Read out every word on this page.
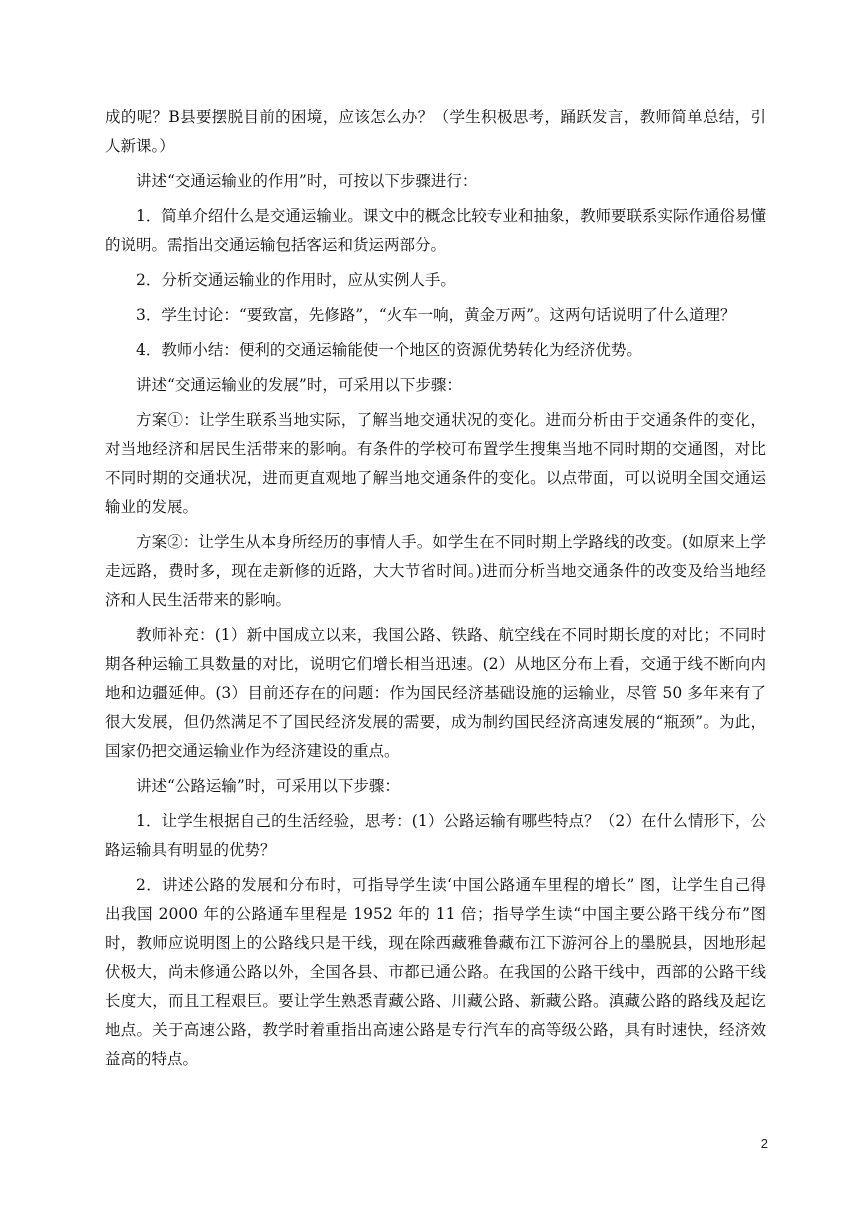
成的呢？B县要摆脱目前的困境，应该怎么办？（学生积极思考，踊跃发言，教师简单总结，引人新课。）

讲述“交通运输业的作用”时，可按以下步骤进行：

1．简单介绍什么是交通运输业。课文中的概念比较专业和抽象，教师要联系实际作通俗易懂的说明。需指出交通运输包括客运和货运两部分。

2．分析交通运输业的作用时，应从实例人手。

3．学生讨论：“要致富，先修路”，“火车一响，黄金万两”。这两句话说明了什么道理？

4．教师小结：便利的交通运输能使一个地区的资源优势转化为经济优势。

讲述“交通运输业的发展”时，可采用以下步骤：

方案①：让学生联系当地实际，了解当地交通状况的变化。进而分析由于交通条件的变化，对当地经济和居民生活带来的影响。有条件的学校可布置学生搜集当地不同时期的交通图，对比不同时期的交通状况，进而更直观地了解当地交通条件的变化。以点带面，可以说明全国交通运输业的发展。

方案②：让学生从本身所经历的事情人手。如学生在不同时期上学路线的改变。(如原来上学走远路，费时多，现在走新修的近路，大大节省时间。)进而分析当地交通条件的改变及给当地经济和人民生活带来的影响。

教师补充：(1）新中国成立以来，我国公路、铁路、航空线在不同时期长度的对比；不同时期各种运输工具数量的对比，说明它们增长相当迅速。(2）从地区分布上看，交通于线不断向内地和边疆延伸。(3）目前还存在的问题：作为国民经济基础设施的运输业，尽管 50 多年来有了很大发展，但仍然满足不了国民经济发展的需要，成为制约国民经济高速发展的“瓶颈”。为此，国家仍把交通运输业作为经济建设的重点。

讲述“公路运输”时，可采用以下步骤：

1．让学生根据自己的生活经验，思考：(1）公路运输有哪些特点？（2）在什么情形下，公路运输具有明显的优势？

2．讲述公路的发展和分布时，可指导学生读‘中国公路通车里程的增长” 图，让学生自己得出我国 2000 年的公路通车里程是 1952 年的 11 倍；指导学生读“中国主要公路干线分布”图时，教师应说明图上的公路线只是干线，现在除西藏雅鲁藏布江下游河谷上的墨脱县，因地形起伏极大，尚未修通公路以外，全国各县、市都已通公路。在我国的公路干线中，西部的公路干线长度大，而且工程艰巨。要让学生熟悉青藏公路、川藏公路、新藏公路。滇藏公路的路线及起讫地点。关于高速公路，教学时着重指出高速公路是专行汽车的高等级公路，具有时速快，经济效益高的特点。

2
